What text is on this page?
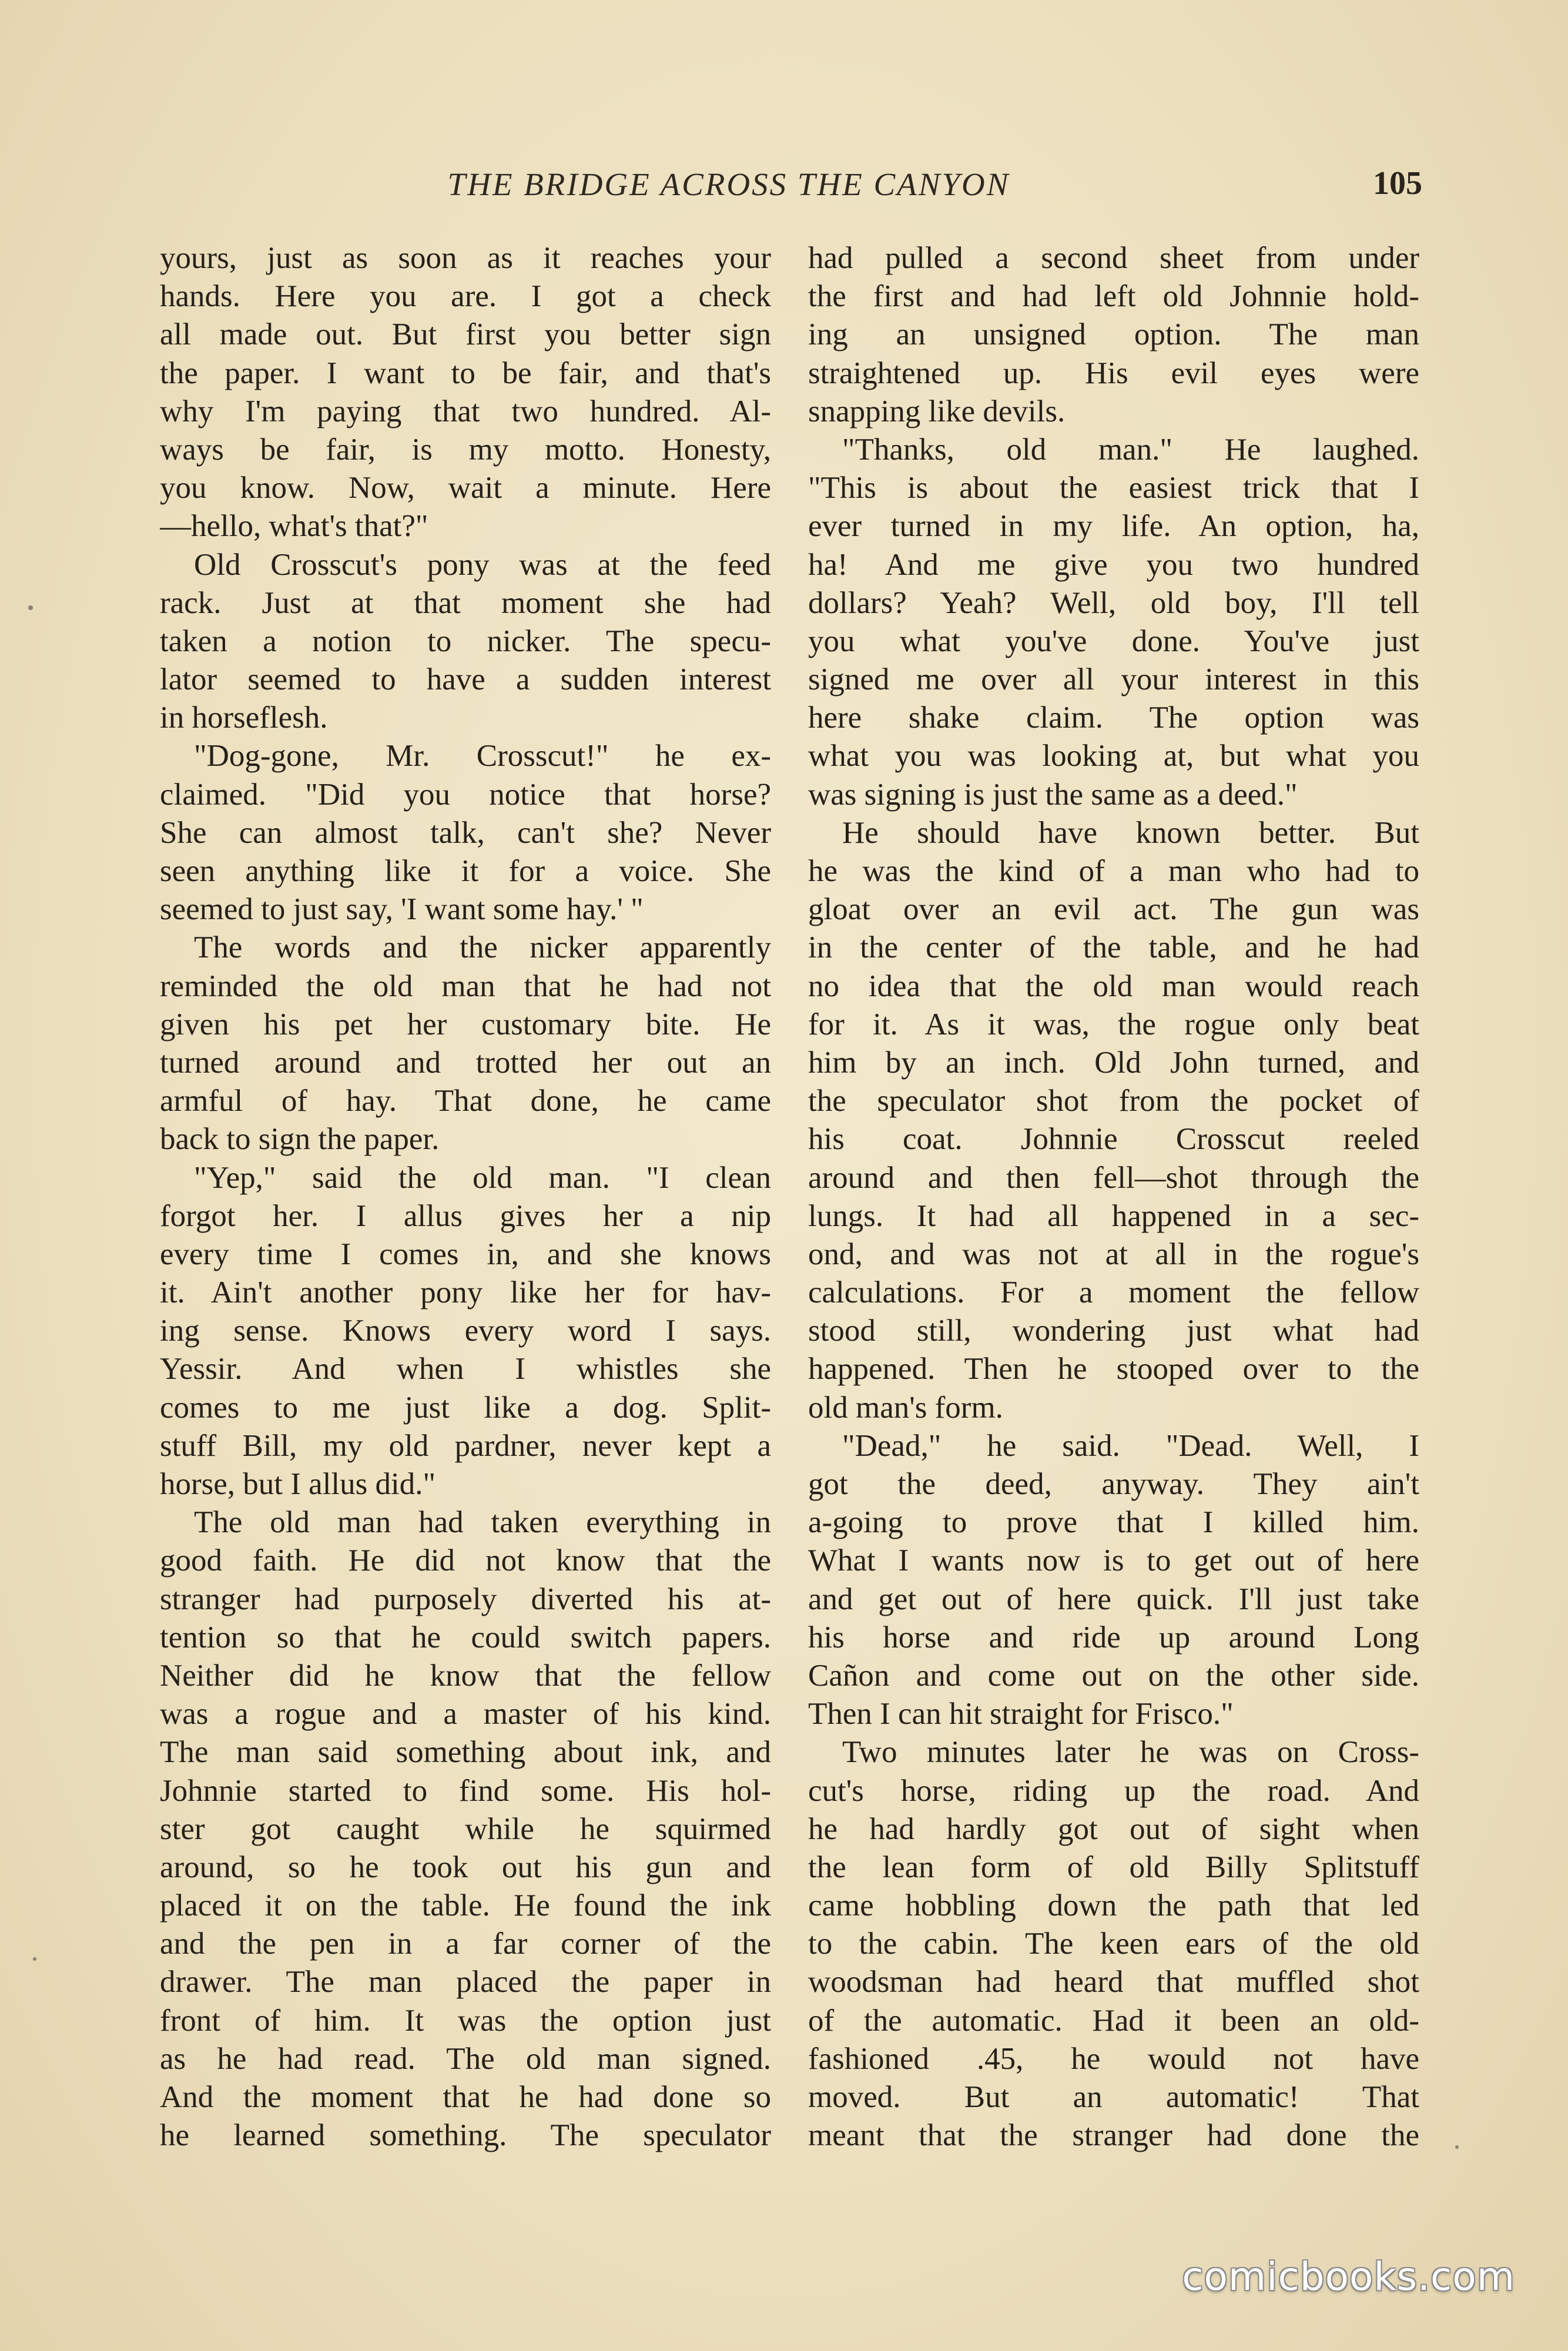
THE BRIDGE ACROSS THE CANYON	105
yours, just as soon as it reaches your
hands. Here you are. I got a check
all made out. But first you better sign
the paper. I want to be fair, and that's
why I'm paying that two hundred. Al-
ways be fair, is my motto. Honesty,
you know. Now, wait a minute. Here
—hello, what's that?"
Old Crosscut's pony was at the feed
rack. Just at that moment she had
taken a notion to nicker. The specu-
lator seemed to have a sudden interest
in horseflesh.
"Dog-gone, Mr. Crosscut!" he ex-
claimed. "Did you notice that horse?
She can almost talk, can't she? Never
seen anything like it for a voice. She
seemed to just say, 'I want some hay.' "
The words and the nicker apparently
reminded the old man that he had not
given his pet her customary bite. He
turned around and trotted her out an
armful of hay. That done, he came
back to sign the paper.
"Yep," said the old man. "I clean
forgot her. I allus gives her a nip
every time I comes in, and she knows
it. Ain't another pony like her for hav-
ing sense. Knows every word I says.
Yessir. And when I whistles she
comes to me just like a dog. Split-
stuff Bill, my old pardner, never kept a
horse, but I allus did."
The old man had taken everything in
good faith. He did not know that the
stranger had purposely diverted his at-
tention so that he could switch papers.
Neither did he know that the fellow
was a rogue and a master of his kind.
The man said something about ink, and
Johnnie started to find some. His hol-
ster got caught while he squirmed
around, so he took out his gun and
placed it on the table. He found the ink
and the pen in a far corner of the
drawer. The man placed the paper in
front of him. It was the option just
as he had read. The old man signed.
And the moment that he had done so
he learned something. The speculator
had pulled a second sheet from under
the first and had left old Johnnie hold-
ing an unsigned option. The man
straightened up. His evil eyes were
snapping like devils.
"Thanks, old man." He laughed.
"This is about the easiest trick that I
ever turned in my life. An option, ha,
ha! And me give you two hundred
dollars? Yeah? Well, old boy, I'll tell
you what you've done. You've just
signed me over all your interest in this
here shake claim. The option was
what you was looking at, but what you
was signing is just the same as a deed."
He should have known better. But
he was the kind of a man who had to
gloat over an evil act. The gun was
in the center of the table, and he had
no idea that the old man would reach
for it. As it was, the rogue only beat
him by an inch. Old John turned, and
the speculator shot from the pocket of
his coat. Johnnie Crosscut reeled
around and then fell—shot through the
lungs. It had all happened in a sec-
ond, and was not at all in the rogue's
calculations. For a moment the fellow
stood still, wondering just what had
happened. Then he stooped over to the
old man's form.
"Dead," he said. "Dead. Well, I
got the deed, anyway. They ain't
a-going to prove that I killed him.
What I wants now is to get out of here
and get out of here quick. I'll just take
his horse and ride up around Long
Cañon and come out on the other side.
Then I can hit straight for Frisco."
Two minutes later he was on Cross-
cut's horse, riding up the road. And
he had hardly got out of sight when
the lean form of old Billy Splitstuff
came hobbling down the path that led
to the cabin. The keen ears of the old
woodsman had heard that muffled shot
of the automatic. Had it been an old-
fashioned .45, he would not have
moved. But an automatic! That
meant that the stranger had done the
comicbooks.com
